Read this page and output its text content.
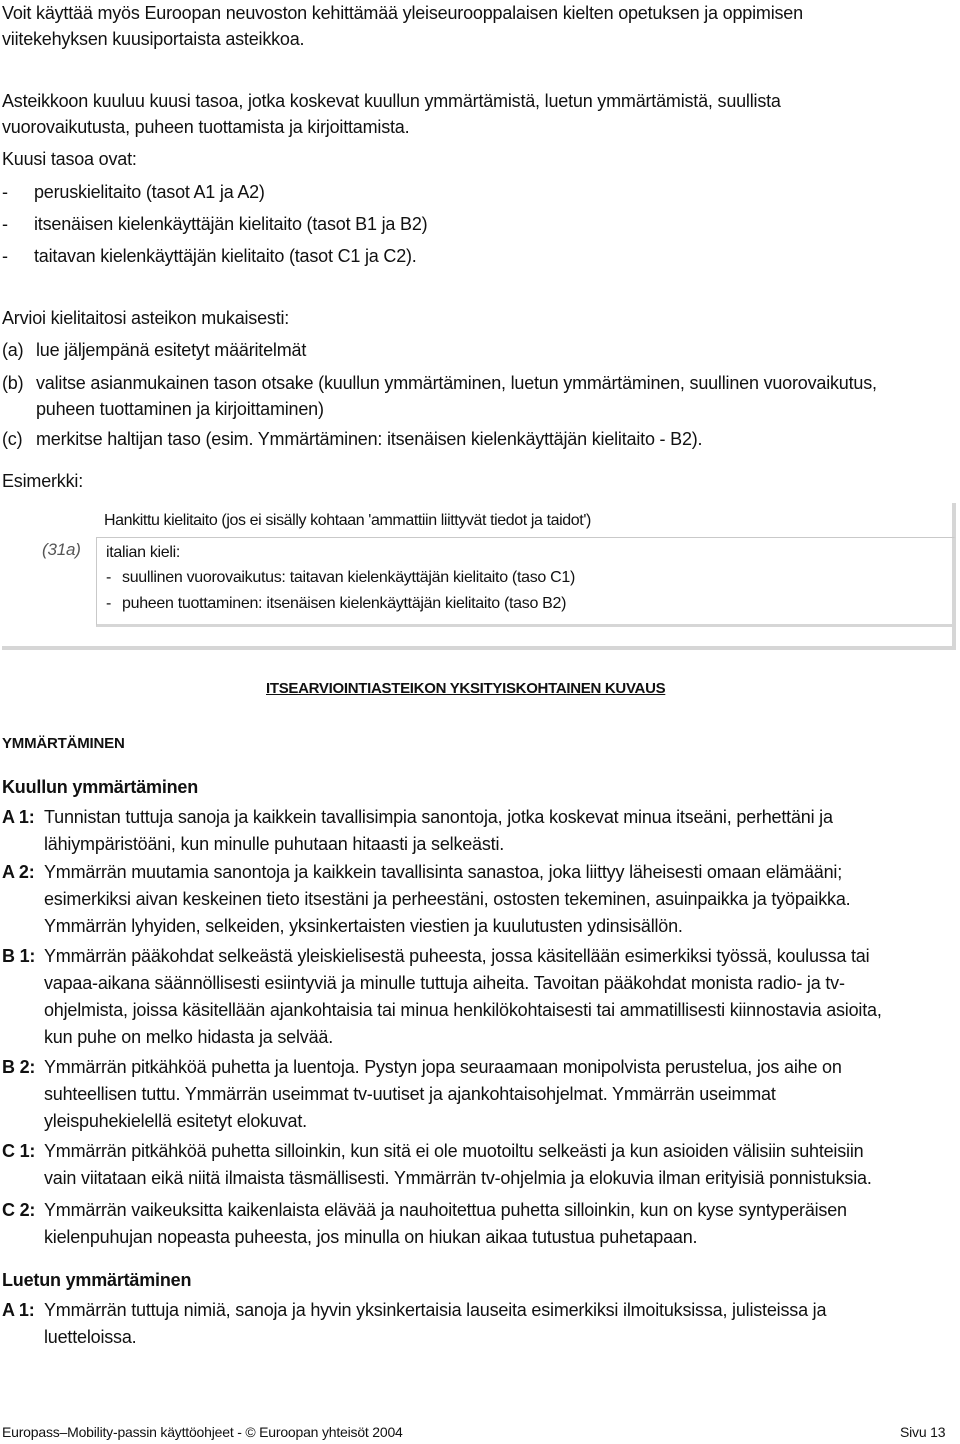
Voit käyttää myös Euroopan neuvoston kehittämää yleiseurooppalaisen kielten opetuksen ja oppimisen
viitekehyksen kuusiportaista asteikkoa.
Asteikkoon kuuluu kuusi tasoa, jotka koskevat kuullun ymmärtämistä, luetun ymmärtämistä, suullista
vuorovaikutusta, puheen tuottamista ja kirjoittamista.
Kuusi tasoa ovat:
- peruskielitaito (tasot A1 ja A2)
- itsenäisen kielenkäyttäjän kielitaito (tasot B1 ja B2)
- taitavan kielenkäyttäjän kielitaito (tasot C1 ja C2).
Arvioi kielitaitosi asteikon mukaisesti:
(a) lue jäljempänä esitetyt määritelmät
(b) valitse asianmukainen tason otsake (kuullun ymmärtäminen, luetun ymmärtäminen, suullinen vuorovaikutus,
puheen tuottaminen ja kirjoittaminen)
(c) merkitse haltijan taso (esim. Ymmärtäminen: itsenäisen kielenkäyttäjän kielitaito - B2).
Esimerkki:
Hankittu kielitaito (jos ei sisälly kohtaan 'ammattiin liittyvät tiedot ja taidot')
(31a) italian kieli:
- suullinen vuorovaikutus: taitavan kielenkäyttäjän kielitaito (taso C1)
- puheen tuottaminen: itsenäisen kielenkäyttäjän kielitaito (taso B2)
ITSEARVIOINTIASTEIKON YKSITYISKOHTAINEN KUVAUS
YMMÄRTÄMINEN
Kuullun ymmärtäminen
A 1: Tunnistan tuttuja sanoja ja kaikkein tavallisimpia sanontoja, jotka koskevat minua itseäni, perhettäni ja
lähiympäristöäni, kun minulle puhutaan hitaasti ja selkeästi.
A 2: Ymmärrän muutamia sanontoja ja kaikkein tavallisinta sanastoa, joka liittyy läheisesti omaan elämääni;
esimerkiksi aivan keskeinen tieto itsestäni ja perheestäni, ostosten tekeminen, asuinpaikka ja työpaikka.
Ymmärrän lyhyiden, selkeiden, yksinkertaisten viestien ja kuulutusten ydinsisällön.
B 1: Ymmärrän pääkohdat selkeästä yleiskielisestä puheesta, jossa käsitellään esimerkiksi työssä, koulussa tai
vapaa-aikana säännöllisesti esiintyviä ja minulle tuttuja aiheita. Tavoitan pääkohdat monista radio- ja tv-
ohjelmista, joissa käsitellään ajankohtaisia tai minua henkilökohtaisesti tai ammatillisesti kiinnostavia asioita,
kun puhe on melko hidasta ja selvää.
B 2: Ymmärrän pitkähköä puhetta ja luentoja. Pystyn jopa seuraamaan monipolvista perustelua, jos aihe on
suhteellisen tuttu. Ymmärrän useimmat tv-uutiset ja ajankohtaisohjelmat. Ymmärrän useimmat
yleispuhekielellä esitetyt elokuvat.
C 1: Ymmärrän pitkähköä puhetta silloinkin, kun sitä ei ole muotoiltu selkeästi ja kun asioiden välisiin suhteisiin
vain viitataan eikä niitä ilmaista täsmällisesti. Ymmärrän tv-ohjelmia ja elokuvia ilman erityisiä ponnistuksia.
C 2: Ymmärrän vaikeuksitta kaikenlaista elävää ja nauhoitettua puhetta silloinkin, kun on kyse syntyperäisen
kielenpuhujan nopeasta puheesta, jos minulla on hiukan aikaa tutustua puhetapaan.
Luetun ymmärtäminen
A 1: Ymmärrän tuttuja nimiä, sanoja ja hyvin yksinkertaisia lauseita esimerkiksi ilmoituksissa, julisteissa ja
luetteloissa.
Europass–Mobility-passin käyttöohjeet - © Euroopan yhteisöt 2004	Sivu 13
